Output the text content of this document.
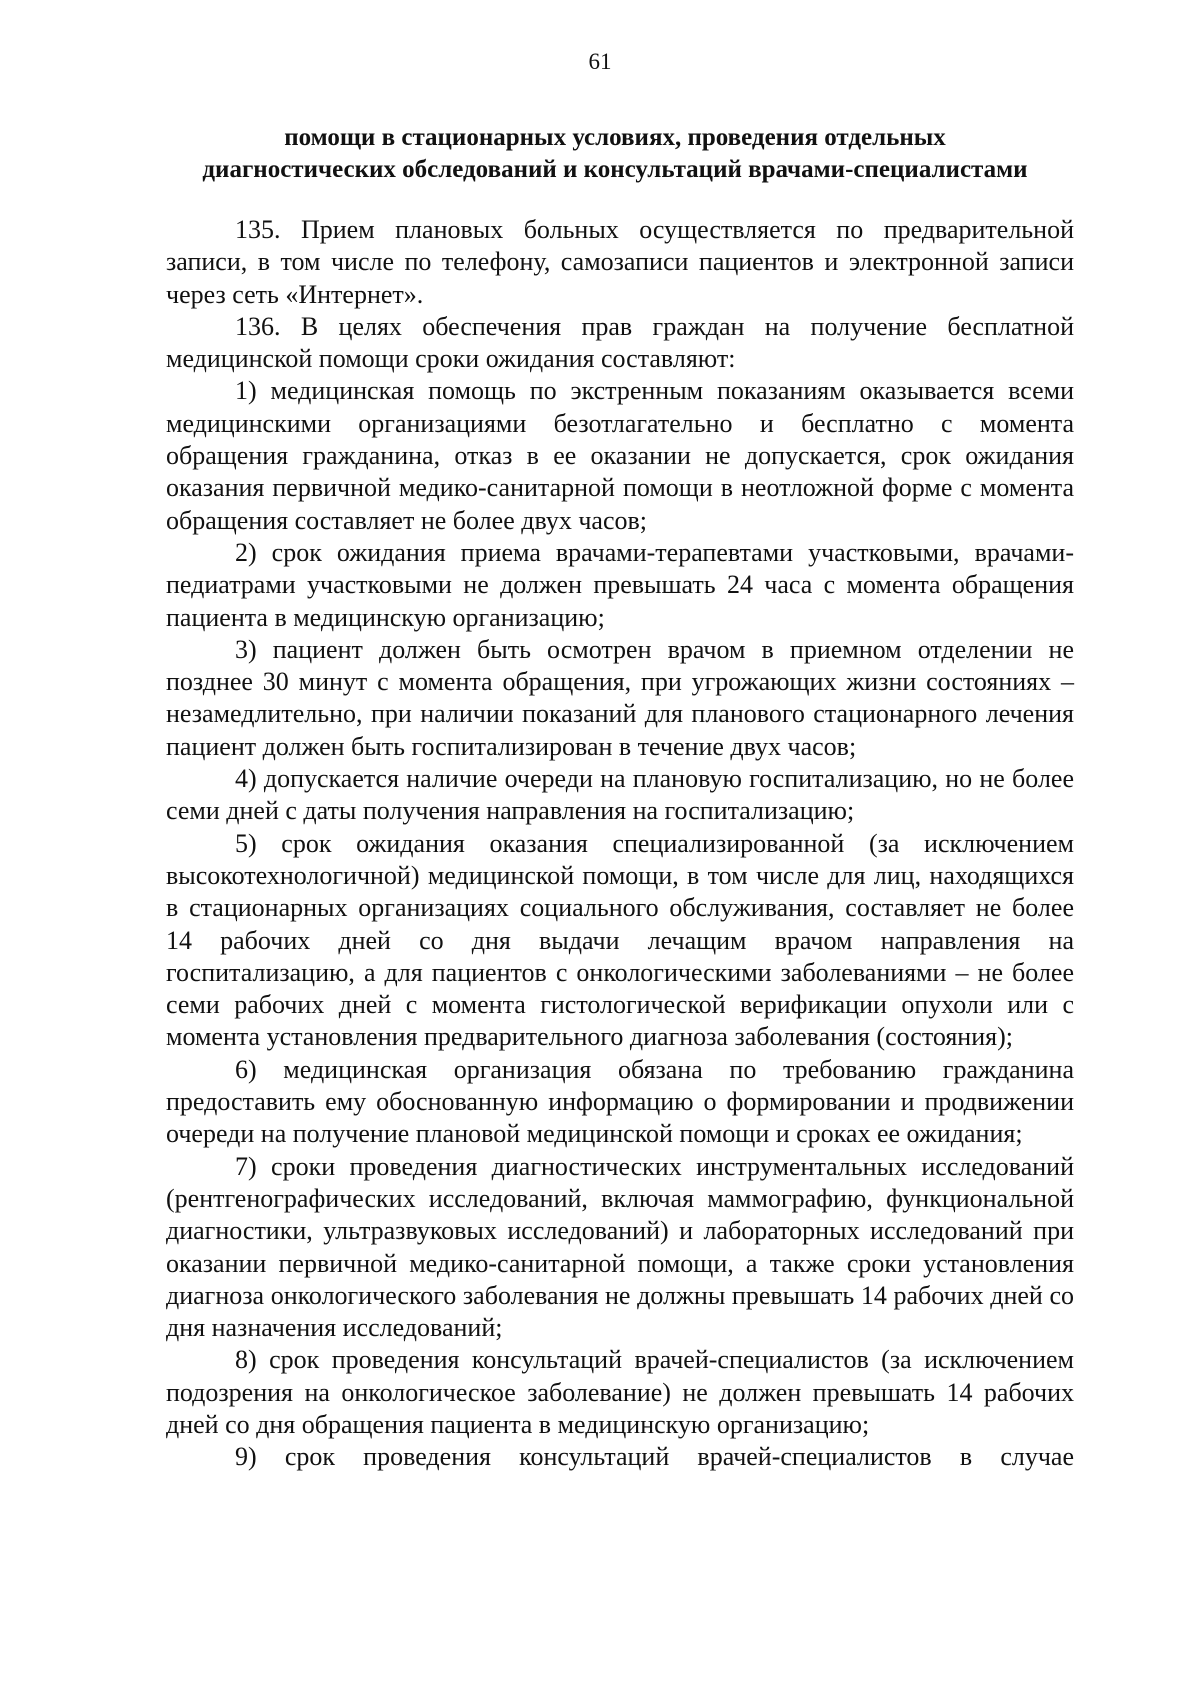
61
помощи в стационарных условиях, проведения отдельных
диагностических обследований и консультаций врачами-специалистами

135. Прием плановых больных осуществляется по предварительной записи, в том числе по телефону, самозаписи пациентов и электронной записи через сеть «Интернет».

136. В целях обеспечения прав граждан на получение бесплатной медицинской помощи сроки ожидания составляют:

1) медицинская помощь по экстренным показаниям оказывается всеми медицинскими организациями безотлагательно и бесплатно с момента обращения гражданина, отказ в ее оказании не допускается, срок ожидания оказания первичной медико-санитарной помощи в неотложной форме с момента обращения составляет не более двух часов;

2) срок ожидания приема врачами-терапевтами участковыми, врачами-педиатрами участковыми не должен превышать 24 часа с момента обращения пациента в медицинскую организацию;

3) пациент должен быть осмотрен врачом в приемном отделении не позднее 30 минут с момента обращения, при угрожающих жизни состояниях – незамедлительно, при наличии показаний для планового стационарного лечения пациент должен быть госпитализирован в течение двух часов;

4) допускается наличие очереди на плановую госпитализацию, но не более семи дней с даты получения направления на госпитализацию;

5) срок ожидания оказания специализированной (за исключением высокотехнологичной) медицинской помощи, в том числе для лиц, находящихся в стационарных организациях социального обслуживания, составляет не более 14 рабочих дней со дня выдачи лечащим врачом направления на госпитализацию, а для пациентов с онкологическими заболеваниями – не более семи рабочих дней с момента гистологической верификации опухоли или с момента установления предварительного диагноза заболевания (состояния);

6) медицинская организация обязана по требованию гражданина предоставить ему обоснованную информацию о формировании и продвижении очереди на получение плановой медицинской помощи и сроках ее ожидания;

7) сроки проведения диагностических инструментальных исследований (рентгенографических исследований, включая маммографию, функциональной диагностики, ультразвуковых исследований) и лабораторных исследований при оказании первичной медико-санитарной помощи, а также сроки установления диагноза онкологического заболевания не должны превышать 14 рабочих дней со дня назначения исследований;

8) срок проведения консультаций врачей-специалистов (за исключением подозрения на онкологическое заболевание) не должен превышать 14 рабочих дней со дня обращения пациента в медицинскую организацию;

9) срок проведения консультаций врачей-специалистов в случае
